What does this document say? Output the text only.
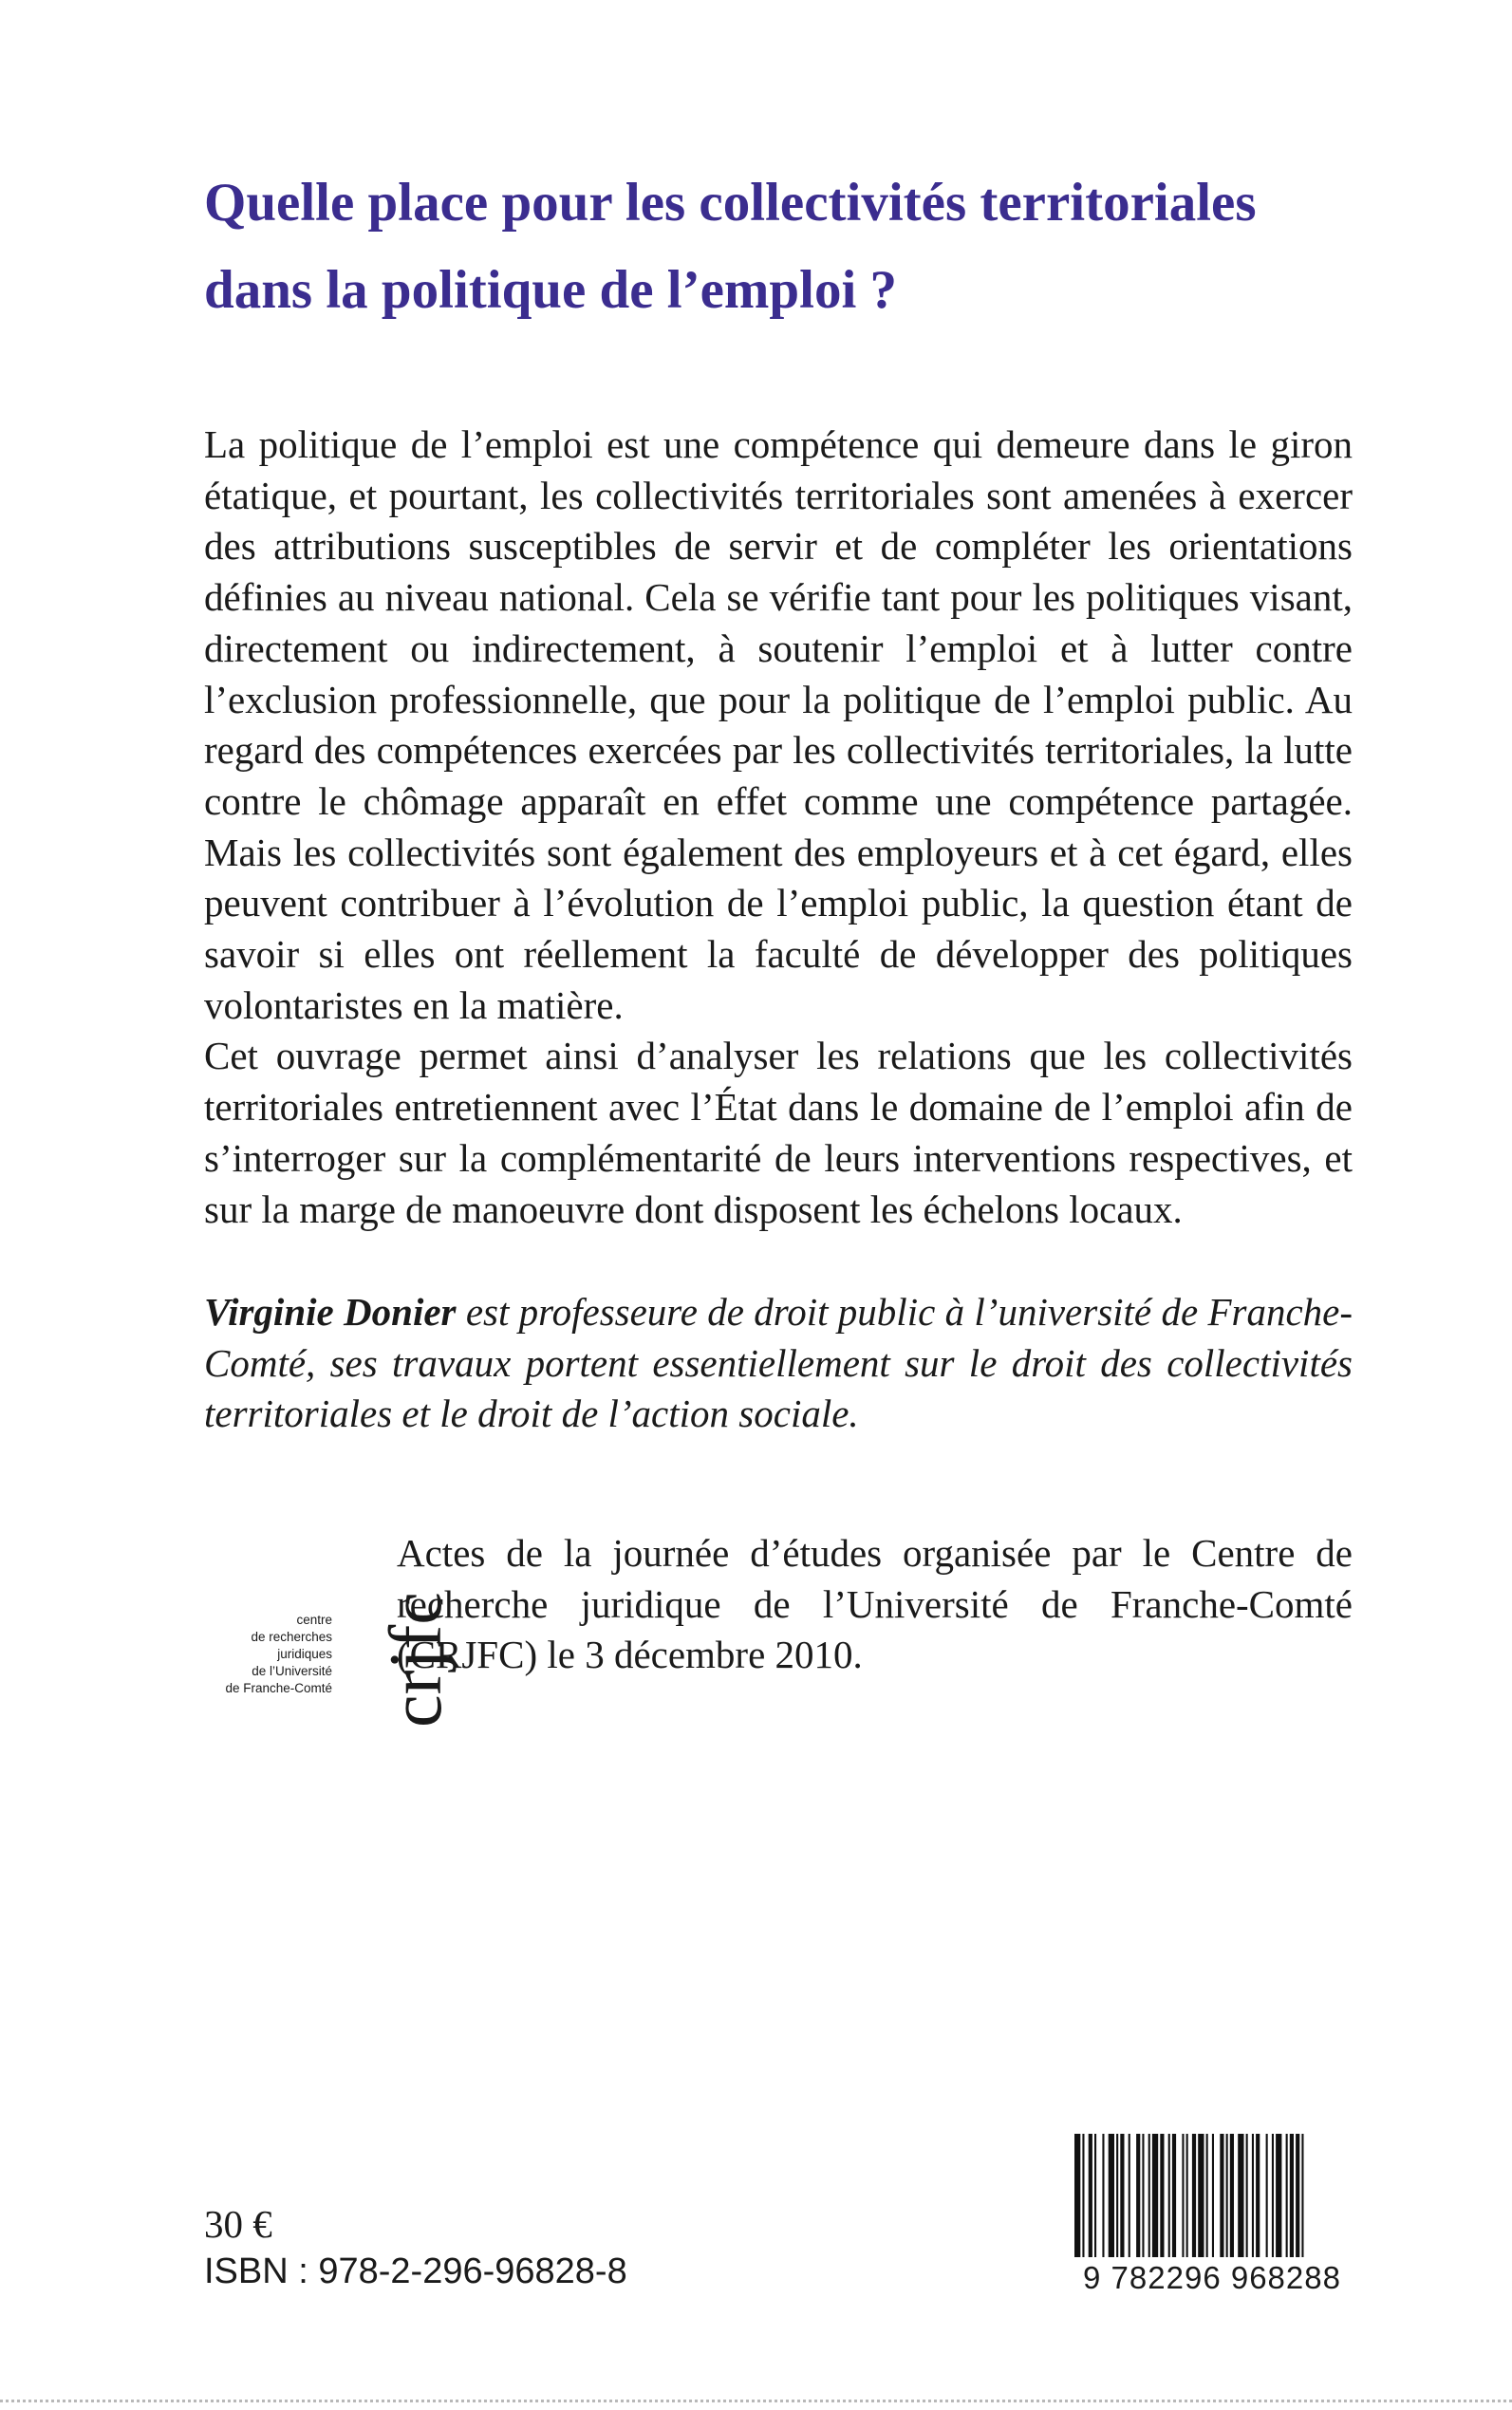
Quelle place pour les collectivités territoriales
dans la politique de l’emploi ?

La politique de l’emploi est une compétence qui demeure dans le giron étatique, et pourtant, les collectivités territoriales sont amenées à exercer des attributions susceptibles de servir et de compléter les orientations définies au niveau national. Cela se vérifie tant pour les politiques visant, directement ou indirectement, à soutenir l’emploi et à lutter contre l’exclusion professionnelle, que pour la politique de l’emploi public. Au regard des compétences exercées par les collectivités territoriales, la lutte contre le chômage apparaît en effet comme une compétence partagée. Mais les collectivités sont également des employeurs et à cet égard, elles peuvent contribuer à l’évolution de l’emploi public, la question étant de savoir si elles ont réellement la faculté de développer des politiques volontaristes en la matière.

Cet ouvrage permet ainsi d’analyser les relations que les collectivités territoriales entretiennent avec l’État dans le domaine de l’emploi afin de s’interroger sur la complémentarité de leurs interventions respectives, et sur la marge de manoeuvre dont disposent les échelons locaux.

Virginie Donier est professeure de droit public à l’université de Franche-Comté, ses travaux portent essentiellement sur le droit des collectivités territoriales et le droit de l’action sociale.

centre
de recherches
juridiques
de l’Université
de Franche-Comté crjfc

Actes de la journée d’études organisée par le Centre de recherche juridique de l’Université de Franche-Comté (CRJFC) le 3 décembre 2010.

30 €

ISBN : 978-2-296-96828-8	9 782296 968288
